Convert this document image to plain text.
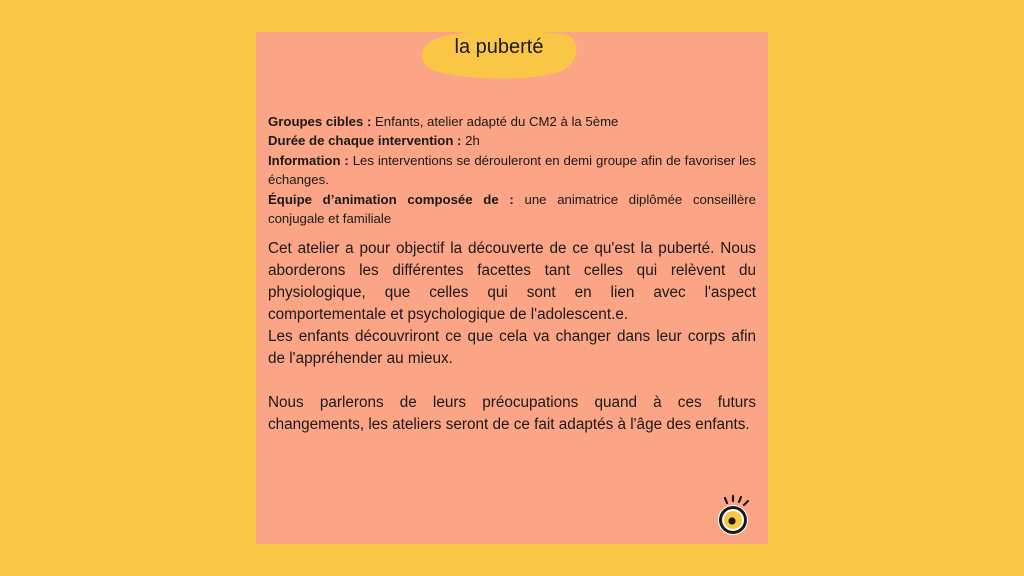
la puberté

Groupes cibles : Enfants, atelier adapté du CM2 à la 5ème

Durée de chaque intervention : 2h

Information : Les interventions se dérouleront en demi groupe afin de favoriser les échanges.

Équipe d’animation composée de : une animatrice diplômée conseillère conjugale et familiale

Cet atelier a pour objectif la découverte de ce qu'est la puberté. Nous aborderons les différentes facettes tant celles qui relèvent du physiologique, que celles qui sont en lien avec l'aspect comportementale et psychologique de l'adolescent.e.

Les enfants découvriront ce que cela va changer dans leur corps afin de l'appréhender au mieux.

Nous parlerons de leurs préocupations quand à ces futurs changements, les ateliers seront de ce fait adaptés à l'âge des enfants.
